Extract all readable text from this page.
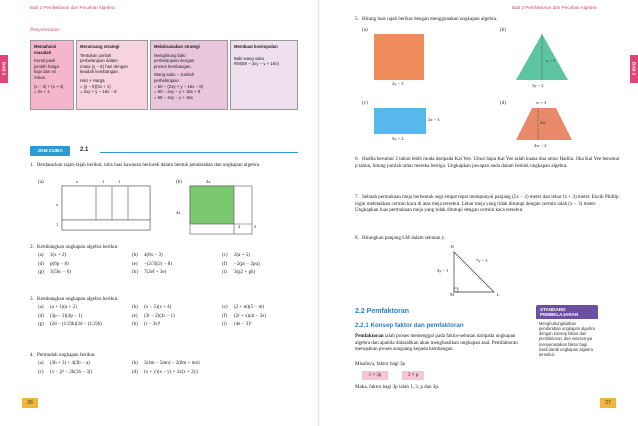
Bab 2 Pemfaktoran dan Pecahan Algebra
BAB 2
Penyelesaian:
Memahami masalah
Kenal pasti
jumlah harga
kopi dan mi
rebus.
(x − 3) + (x + 4)
= 2x + 1
Merancang strategi
Tentukan jumlah
perbelanjaan dalam
masa (y − 8) hari dengan
keadah kembangan.
Hari × Harga
= (y − 8)(2x + 1)
= 2xy + y − 16x − 8
Melaksanakan strategi
Menghitung baki
perbelanjaan dengan
proses kembangan.
Wang saku − Jumlah
perbelanjaan
= 50 − (2xy + y − 16x − 8)
= 50 − 2xy − y + 16x + 8
= 58 − 2xy − y + 16x
Membuat kesimpulan
Baki wang saku
RM(58 − 2xy − y + 16x)
JOM CUBA	2.1
1. Berdasarkan rajah-rajah berikut, tulis luas kawasan berlorek dalam bentuk pendaraban dan ungkapan algebra.
(a)	(b)
x	1	1
x
1
4x
4x
3
2
2. Kembangkan ungkapan algebra berikut.
(a) 3(x + 2)	(b) 4(8x − 3)	(c) 2(a + 5)
(d) p(6p − 8)	(e) −(2/3)(2r − 8)	(f) −2(pr − 2pq)
(g) 3(5bc − 6)	(h) 7(2ef + 3e)	(i) 3(g2 + gh)
3. Kembangkan ungkapan algebra berikut.
(a) (a + 1)(a + 2)	(b) (x − 5)(x + 4)	(c) (2 + m)(5 − m)
(d) (3p − 2)(4p − 1)	(e) (3r − 2)(4r − 1)	(f) (2r + s)(4r − 3s)
(g) (2d − (1/2)b)(3d − (1/2)b)	(h) (r − 3s)²	(i) (4e − 3)²
4. Permudah ungkapan berikut.
(a) (3b + 3) + 4(3b − a)	(b) 3(4m − 5mn) − 2(8m + mn)
(c) (x − j)² − 2h(3h − 3j)	(d) (x + y)(x − y) + 2x(x + 2y)
26
Bab 2 Pemfaktoran dan Pecahan Algebra
BAB 2
5. Hitung luas rajah berikut dengan menggunakan ungkapan algebra.
(a)	(b)
(c)	(d)
2y − 5
y − 1
3y − 2
2x − 3
5x + 2
w + 3
2w
4w − 2
6. Hadila berumur 2 tahun lebih muda daripada Kai Yee. Umur bapa Kai Yee ialah kuasa dua umur Hadila. Jika Kai Yee berumur p tahun, hitung jumlah umur mereka bertiga. Ungkapkan jawapan anda dalam bentuk ungkapan algebra.
7. Sebuah permukaan meja berbentuk segi empat tepat mempunyai panjang (5x − 2) meter dan lebar (x + 3) meter. Encik Phillip ingin meletakkan cermin kaca di atas meja tersebut. Lebar meja yang tidak ditutupi dengan cermin ialah (x − 3) meter. Ungkapkan luas permukaan meja yang tidak ditutupi dengan cermin kaca tersebut.
8. Hitungkan panjang LM dalam sebutan y.
K
M	L
7y − 3
4y − 1
2.2 Pemfaktoran
2.2.1 Konsep faktor dan pemfaktoran
Pemfaktoran ialah proses memenggal pada faktor-sebutan daripada ungkapan algebra dan apabila didarabkan akan menghasilkan ungkapan asal. Pemfaktoran merupakan proses songsang kepada kembangan.
Misalnya, faktor bagi 3p
1 × 3p	3 × p
Maka, faktor bagi 3p ialah 1, 3, p dan 3p.
STANDARD
PEMBELAJARAN
Menghubungkaitkan pendaraban ungkapan algebra dengan konsep faktor dan pemfaktoran, dan seterusnya menyenaraikan faktor bagi hasil darab ungkapan algebra tersebut.
27
